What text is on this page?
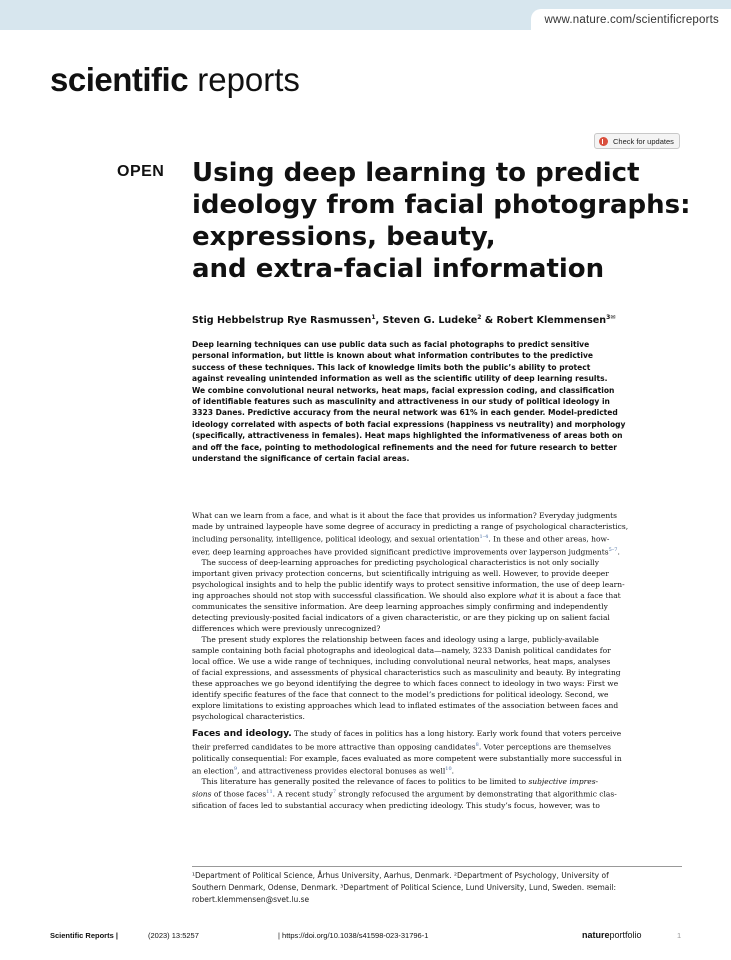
www.nature.com/scientificreports
scientific reports
Check for updates
OPEN Using deep learning to predict
ideology from facial photographs:
expressions, beauty,
and extra-facial information
Stig Hebbelstrup Rye Rasmussen$^1$, Steven G. Ludeke$^2$ & Robert Klemmensen$^{3✉}$
Deep learning techniques can use public data such as facial photographs to predict sensitive
personal information, but little is known about what information contributes to the predictive
success of these techniques. This lack of knowledge limits both the public’s ability to protect
against revealing unintended information as well as the scientific utility of deep learning results.
We combine convolutional neural networks, heat maps, facial expression coding, and classification
of identifiable features such as masculinity and attractiveness in our study of political ideology in
3323 Danes. Predictive accuracy from the neural network was 61% in each gender. Model-predicted
ideology correlated with aspects of both facial expressions (happiness vs neutrality) and morphology
(specifically, attractiveness in females). Heat maps highlighted the informativeness of areas both on
and off the face, pointing to methodological refinements and the need for future research to better
understand the significance of certain facial areas.
What can we learn from a face, and what is it about the face that provides us information? Everyday judgments
made by untrained laypeople have some degree of accuracy in predicting a range of psychological characteristics,
including personality, intelligence, political ideology, and sexual orientation$^{1-4}$. In these and other areas, how-
ever, deep learning approaches have provided significant predictive improvements over layperson judgments$^{5-7}$.
The success of deep-learning approaches for predicting psychological characteristics is not only socially
important given privacy protection concerns, but scientifically intriguing as well. However, to provide deeper
psychological insights and to help the public identify ways to protect sensitive information, the use of deep learn-
ing approaches should not stop with successful classification. We should also explore what it is about a face that
communicates the sensitive information. Are deep learning approaches simply confirming and independently
detecting previously-posited facial indicators of a given characteristic, or are they picking up on salient facial
differences which were previously unrecognized?
The present study explores the relationship between faces and ideology using a large, publicly-available
sample containing both facial photographs and ideological data—namely, 3233 Danish political candidates for
local office. We use a wide range of techniques, including convolutional neural networks, heat maps, analyses
of facial expressions, and assessments of physical characteristics such as masculinity and beauty. By integrating
these approaches we go beyond identifying the degree to which faces connect to ideology in two ways: First we
identify specific features of the face that connect to the model’s predictions for political ideology. Second, we
explore limitations to existing approaches which lead to inflated estimates of the association between faces and
psychological characteristics.
Faces and ideology. The study of faces in politics has a long history. Early work found that voters perceive
their preferred candidates to be more attractive than opposing candidates$^8$. Voter perceptions are themselves
politically consequential: For example, faces evaluated as more competent were substantially more successful in
an election$^9$, and attractiveness provides electoral bonuses as well$^{10}$.
This literature has generally posited the relevance of faces to politics to be limited to subjective impres-
sions of those faces$^{11}$. A recent study$^7$ strongly refocused the argument by demonstrating that algorithmic clas-
sification of faces led to substantial accuracy when predicting ideology. This study’s focus, however, was to
¹Department of Political Science, Århus University, Aarhus, Denmark. ²Department of Psychology, University of
Southern Denmark, Odense, Denmark. ³Department of Political Science, Lund University, Lund, Sweden. ✉email:
robert.klemmensen@svet.lu.se
Scientific Reports |	(2023) 13:5257	| https://doi.org/10.1038/s41598-023-31796-1	natureportfolio	1
